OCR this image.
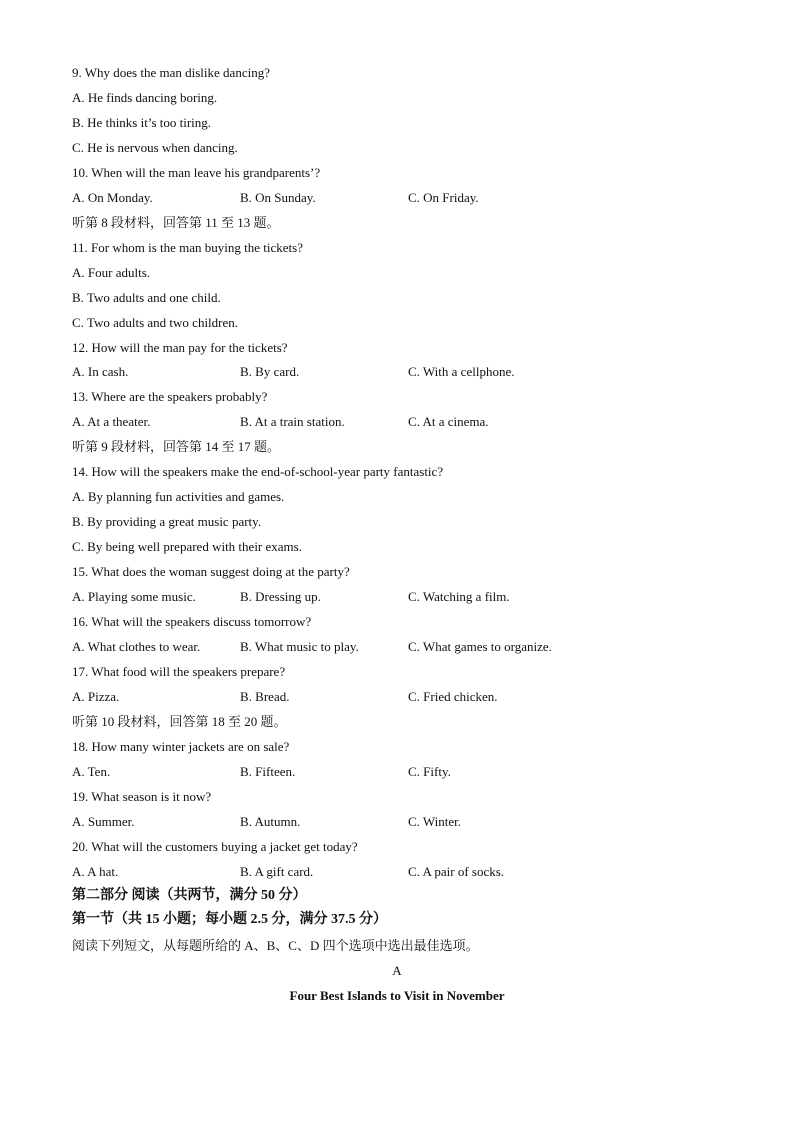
9. Why does the man dislike dancing?
A. He finds dancing boring.
B. He thinks it’s too tiring.
C. He is nervous when dancing.
10. When will the man leave his grandparents’?
A. On Monday.	B. On Sunday.	C. On Friday.
听第 8 段材料，回答第 11 至 13 题。
11. For whom is the man buying the tickets?
A. Four adults.
B. Two adults and one child.
C. Two adults and two children.
12. How will the man pay for the tickets?
A. In cash.	B. By card.	C. With a cellphone.
13. Where are the speakers probably?
A. At a theater.	B. At a train station.	C. At a cinema.
听第 9 段材料，回答第 14 至 17 题。
14. How will the speakers make the end-of-school-year party fantastic?
A. By planning fun activities and games.
B. By providing a great music party.
C. By being well prepared with their exams.
15. What does the woman suggest doing at the party?
A. Playing some music.	B. Dressing up.	C. Watching a film.
16. What will the speakers discuss tomorrow?
A. What clothes to wear.	B. What music to play.	C. What games to organize.
17. What food will the speakers prepare?
A. Pizza.	B. Bread.	C. Fried chicken.
听第 10 段材料，回答第 18 至 20 题。
18. How many winter jackets are on sale?
A. Ten.	B. Fifteen.	C. Fifty.
19. What season is it now?
A. Summer.	B. Autumn.	C. Winter.
20. What will the customers buying a jacket get today?
A. A hat.	B. A gift card.	C. A pair of socks.
第二部分 阅读（共两节，满分 50 分）
第一节（共 15 小题；每小题 2.5 分，满分 37.5 分）
阅读下列短文，从每题所给的 A、B、C、D 四个选项中选出最佳选项。
A
Four Best Islands to Visit in November
